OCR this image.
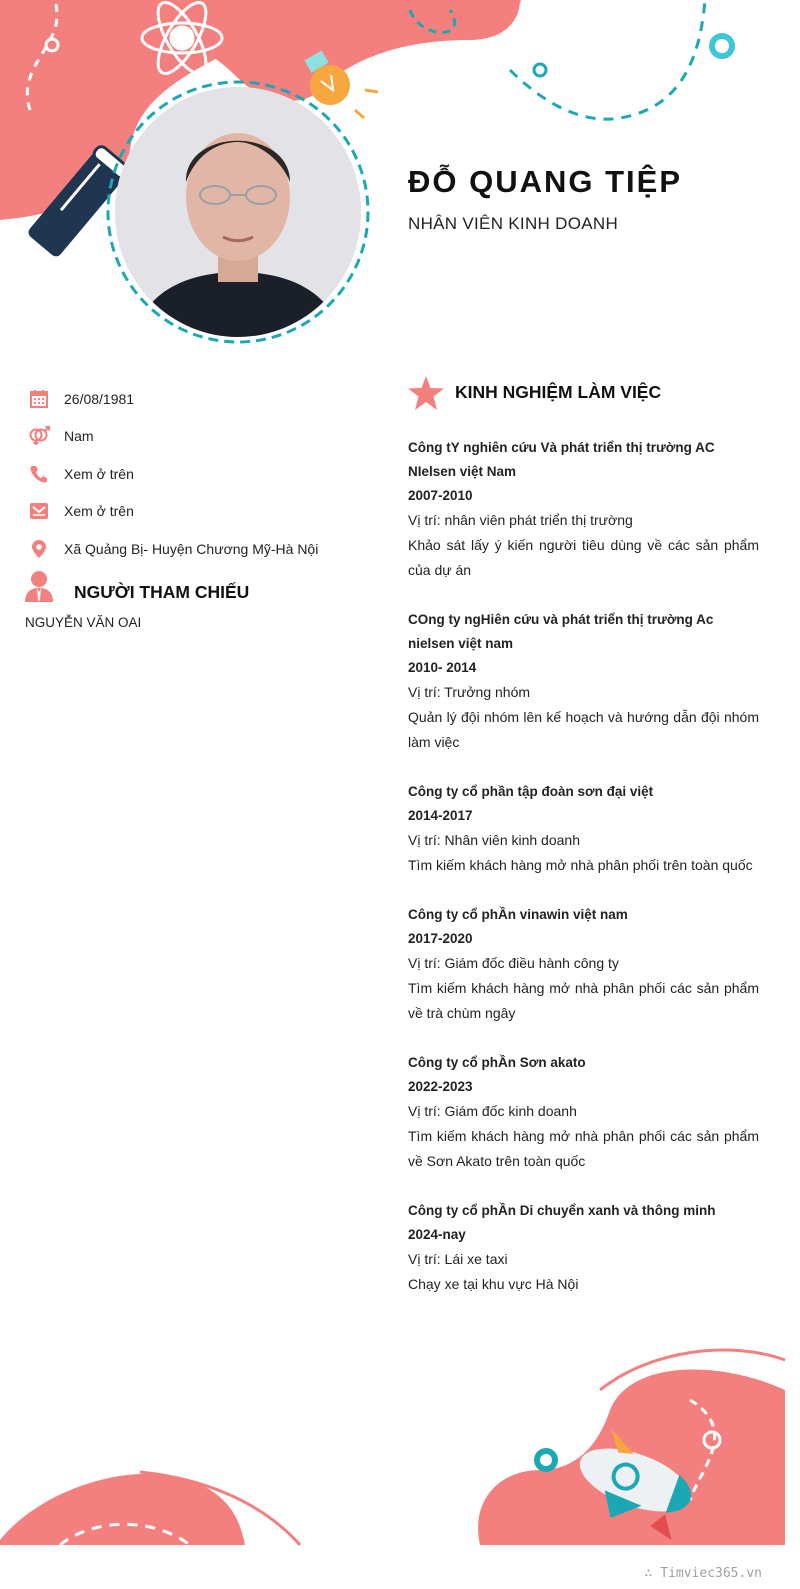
ĐỖ QUANG TIỆP
NHÂN VIÊN KINH DOANH
26/08/1981
Nam
Xem ở trên
Xem ở trên
Xã Quảng Bị- Huyện Chương Mỹ-Hà Nội
NGƯỜI THAM CHIẾU
NGUYỄN VĂN OAI
KINH NGHIỆM LÀM VIỆC
Công tY nghiên cứu Và phát triển thị trường AC NIelsen việt Nam
2007-2010
Vị trí: nhân viên phát triển thị trường
Khảo sát lấy ý kiến người tiêu dùng về các sản phẩm của dự án
COng ty ngHiên cứu và phát triển thị trường Ac nielsen việt nam
2010- 2014
Vị trí: Trưởng nhóm
Quản lý đội nhóm lên kế hoạch và hướng dẫn đội nhóm làm việc
Công ty cổ phần tập đoàn sơn đại việt
2014-2017
Vị trí: Nhân viên kinh doanh
Tìm kiếm khách hàng mở nhà phân phối trên toàn quốc
Công ty cổ phẦn vinawin việt nam
2017-2020
Vị trí: Giám đốc điều hành công ty
Tìm kiếm khách hàng mở nhà phân phối các sản phẩm về trà chùm ngây
Công ty cổ phẦn Sơn akato
2022-2023
Vị trí: Giám đốc kinh doanh
Tìm kiếm khách hàng mở nhà phân phối các sản phẩm về Sơn Akato trên toàn quốc
Công ty cổ phẦn Di chuyển xanh và thông minh
2024-nay
Vị trí: Lái xe taxi
Chạy xe tại khu vực Hà Nội
∴ Timviec365.vn
